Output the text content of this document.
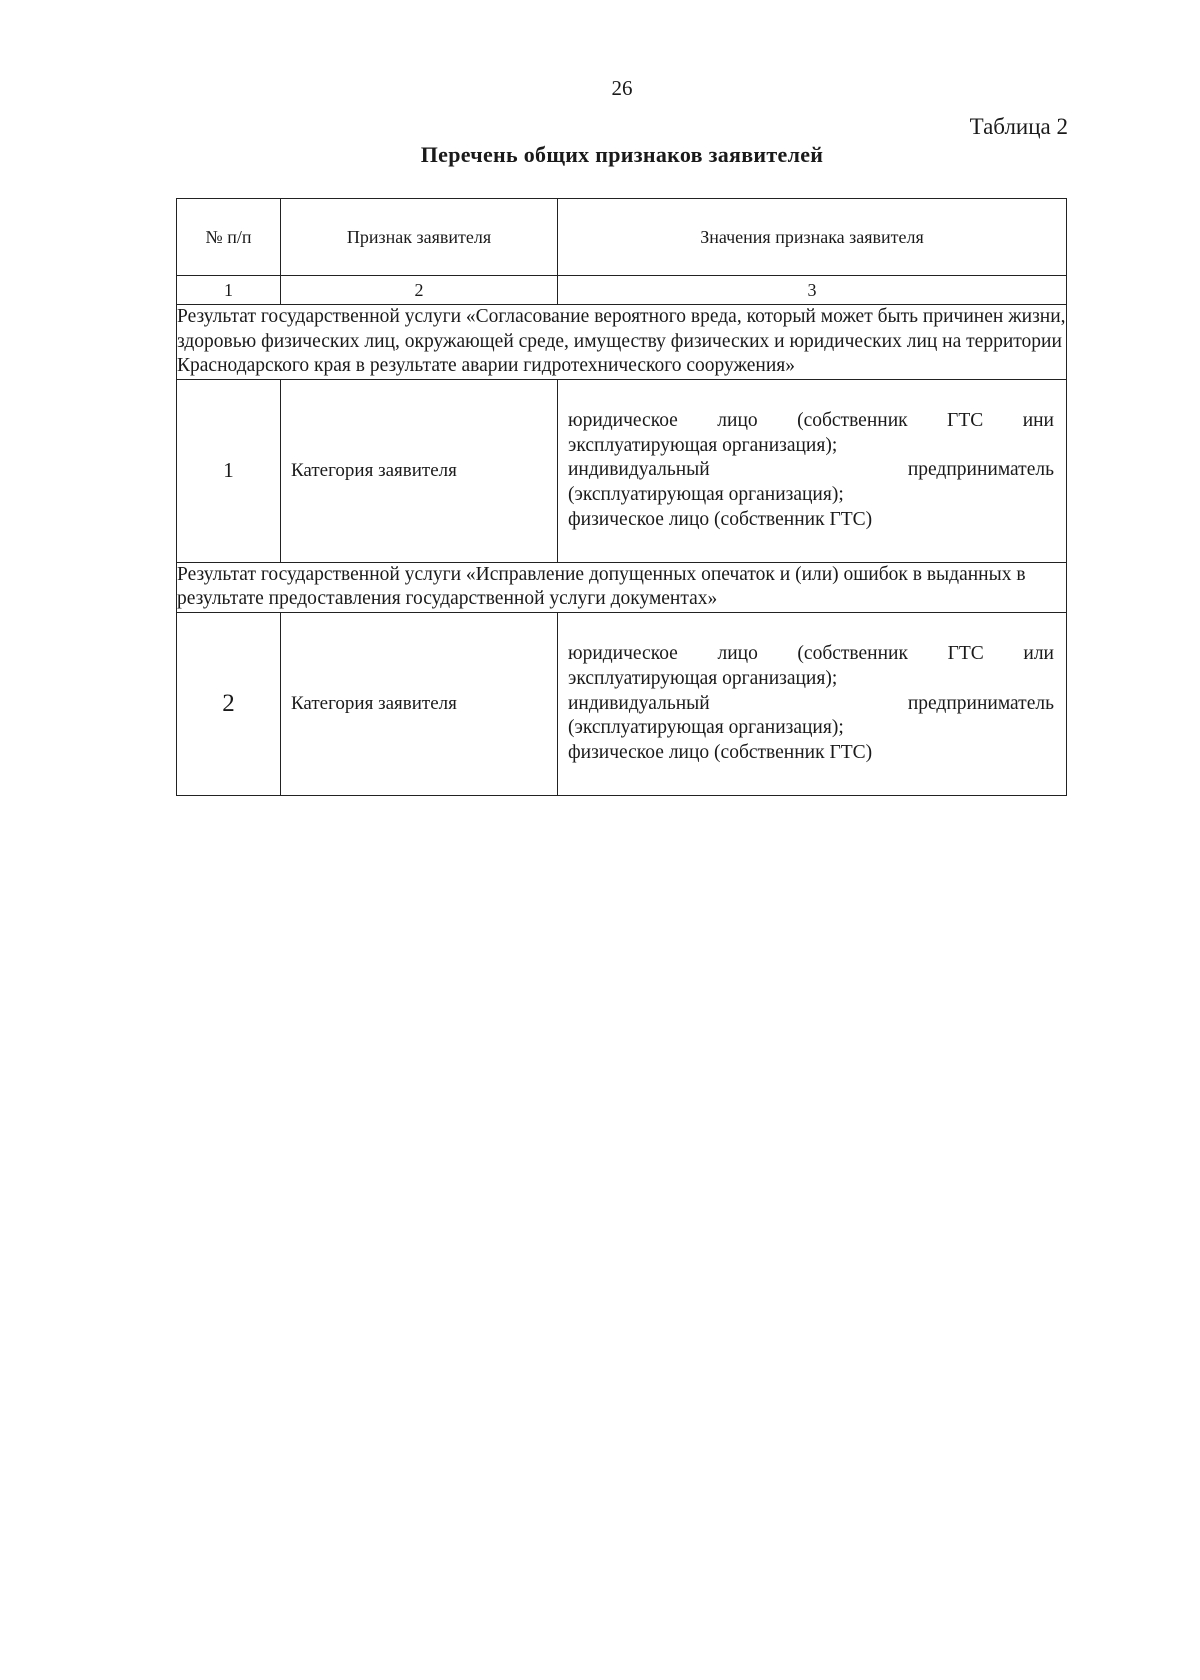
26
Таблица 2
Перечень общих признаков заявителей
№ п/п	Признак заявителя	Значения признака заявителя
1	2	3
Результат государственной услуги «Согласование вероятного вреда, который может быть причинен жизни, здоровью физических лиц, окружающей среде, имуществу физических и юридических лиц на территории Краснодарского края в результате аварии гидротехнического сооружения»		
1	Категория заявителя	юридическое лицо (собственник ГТС ини
эксплуатирующая организация);
индивидуальный предприниматель
(эксплуатирующая организация);
физическое лицо (собственник ГТС)

Результат государственной услуги «Исправление допущенных опечаток и (или) ошибок в выданных в результате предоставления государственной услуги документах»		
2	Категория заявителя	юридическое лицо (собственник ГТС или
эксплуатирующая организация);
индивидуальный предприниматель
(эксплуатирующая организация);
физическое лицо (собственник ГТС)
